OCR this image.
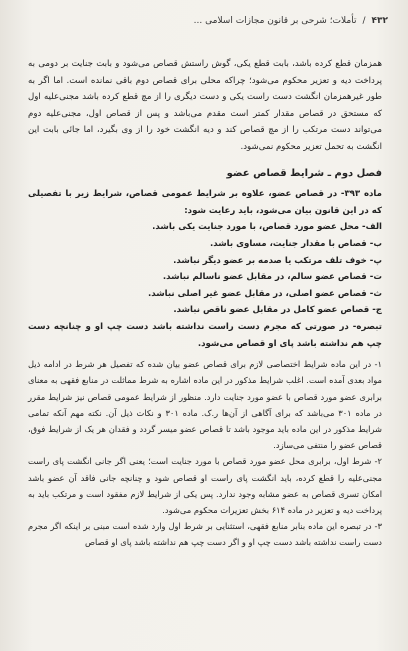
۴۳۲
/
تأملات؛ شرحی بر قانون مجازات اسلامی ...

همزمان قطع کرده باشد، بابت قطع یکی، گوش راستش قصاص می‌شود و بابت جنایت بر دومی به پرداخت دیه و تعزیر محکوم می‌شود؛ چراکه محلی برای قصاص دوم باقی نمانده است. اما اگر به طور غیرهمزمان انگشت دست راست یکی و دست دیگری را از مچ قطع کرده باشد مجنی‌علیه اول که مستحق در قصاص مقدار کمتر است مقدم می‌باشد و پس از قصاص اول، مجنی‌علیه دوم می‌تواند دست مرتکب را از مچ قصاص کند و دیه انگشت خود را از وی بگیرد، اما جائی بابت این انگشت به تحمل تعزیر محکوم نمی‌شود.

فصل دوم ـ شرایط قصاص عضو

ماده ۳۹۳- در قصاص عضو، علاوه بر شرایط عمومی قصاص، شرایط زیر با تفصیلی که در این قانون بیان می‌شود، باید رعایت شود:

الف- محل عضو مورد قصاص، با مورد جنایت یکی باشد.

ب- قصاص با مقدار جنایت، مساوی باشد.

پ- خوف تلف مرتکب یا صدمه بر عضو دیگر نباشد.

ت- قصاص عضو سالم، در مقابل عضو ناسالم نباشد.

ث- قصاص عضو اصلی، در مقابل عضو غیر اصلی نباشد.

ج- قصاص عضو کامل در مقابل عضو ناقص نباشد.

تبصره- در صورتی که مجرم دست راست نداشته باشد دست چپ او و چنانچه دست چپ هم نداشته باشد پای او قصاص می‌شود.

۱- در این ماده شرایط اختصاصی لازم برای قصاص عضو بیان شده که تفصیل هر شرط در ادامه ذیل مواد بعدی آمده است. اغلب شرایط مذکور در این ماده اشاره به شرط مماثلت در منابع فقهی به معنای برابری عضو مورد قصاص با عضو مورد جنایت دارد. منظور از شرایط عمومی قصاص نیز شرایط مقرر در ماده ۳۰۱ می‌باشد که برای آگاهی از آن‌ها ر.ک. ماده ۳۰۱ و نکات ذیل آن. نکته مهم آنکه تمامی شرایط مذکور در این ماده باید موجود باشد تا قصاص عضو میسر گردد و فقدان هر یک از شرایط فوق، قصاص عضو را منتفی می‌سازد.

۲- شرط اول، برابری محل عضو مورد قصاص با مورد جنایت است؛ یعنی اگر جانی انگشت پای راست مجنی‌علیه را قطع کرده، باید انگشت پای راست او قصاص شود و چنانچه جانی فاقد آن عضو باشد امکان تسری قصاص به عضو مشابه وجود ندارد. پس یکی از شرایط لازم مفقود است و مرتکب باید به پرداخت دیه و تعزیر در ماده ۶۱۴ بخش تعزیرات محکوم می‌شود.

۳- در تبصره این ماده بنابر منابع فقهی، استثنایی بر شرط اول وارد شده است مبنی بر اینکه اگر مجرم دست راست نداشته باشد دست چپ او و اگر دست چپ هم نداشته باشد پای او قصاص
